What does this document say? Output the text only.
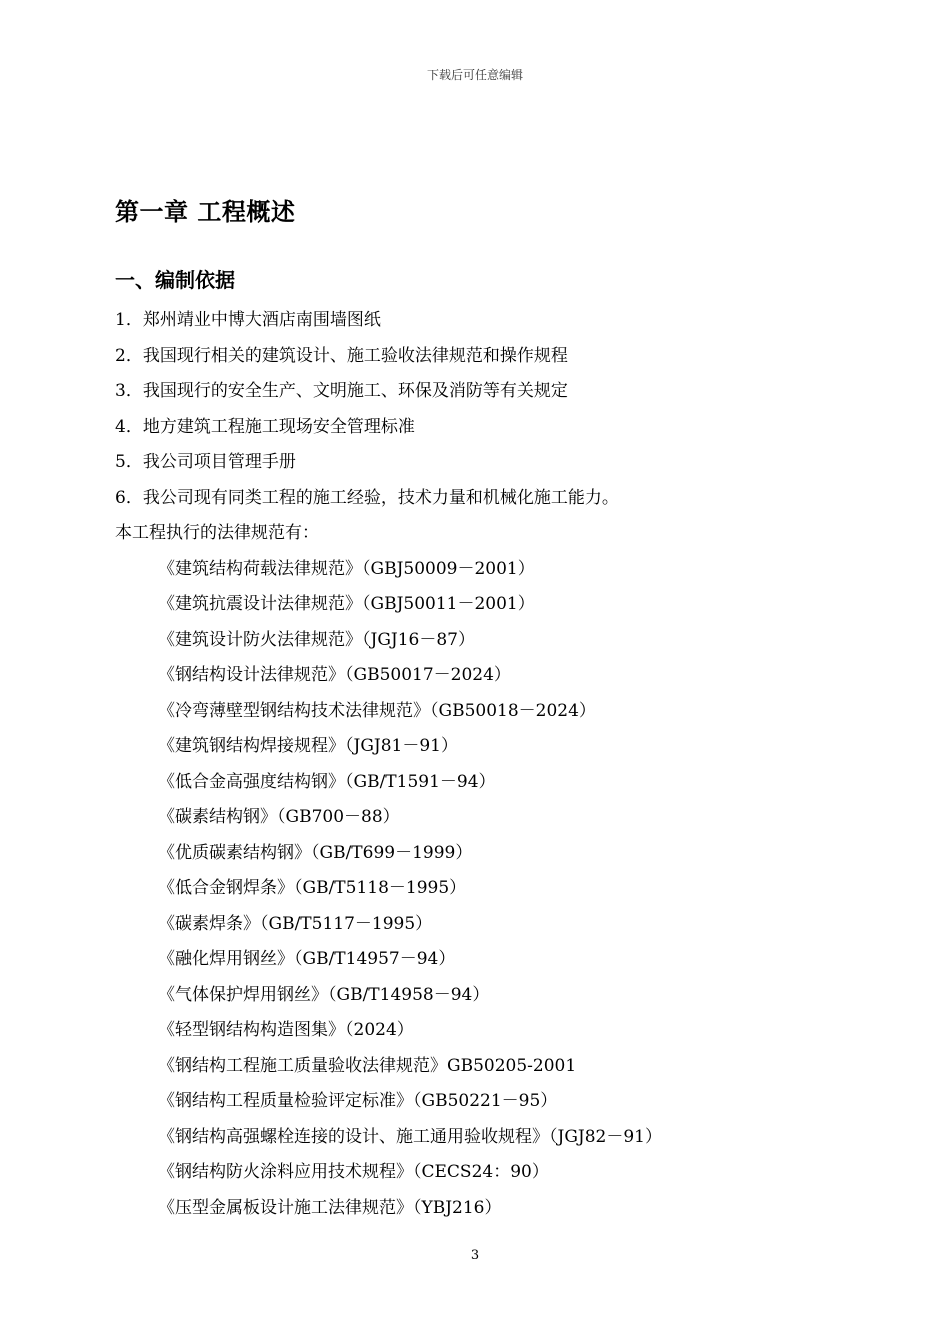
下载后可任意编辑
第一章 工程概述
一、编制依据
1．郑州靖业中博大酒店南围墙图纸
2．我国现行相关的建筑设计、施工验收法律规范和操作规程
3．我国现行的安全生产、文明施工、环保及消防等有关规定
4．地方建筑工程施工现场安全管理标准
5．我公司项目管理手册
6．我公司现有同类工程的施工经验，技术力量和机械化施工能力。
本工程执行的法律规范有：
《建筑结构荷载法律规范》（GBJ50009－2001）
《建筑抗震设计法律规范》（GBJ50011－2001）
《建筑设计防火法律规范》（JGJ16－87）
《钢结构设计法律规范》（GB50017－2024）
《冷弯薄壁型钢结构技术法律规范》（GB50018－2024）
《建筑钢结构焊接规程》（JGJ81－91）
《低合金高强度结构钢》（GB/T1591－94）
《碳素结构钢》（GB700－88）
《优质碳素结构钢》（GB/T699－1999）
《低合金钢焊条》（GB/T5118－1995）
《碳素焊条》（GB/T5117－1995）
《融化焊用钢丝》（GB/T14957－94）
《气体保护焊用钢丝》（GB/T14958－94）
《轻型钢结构构造图集》（2024）
《钢结构工程施工质量验收法律规范》GB50205-2001
《钢结构工程质量检验评定标准》（GB50221－95）
《钢结构高强螺栓连接的设计、施工通用验收规程》（JGJ82－91）
《钢结构防火涂料应用技术规程》（CECS24：90）
《压型金属板设计施工法律规范》（YBJ216）
3
